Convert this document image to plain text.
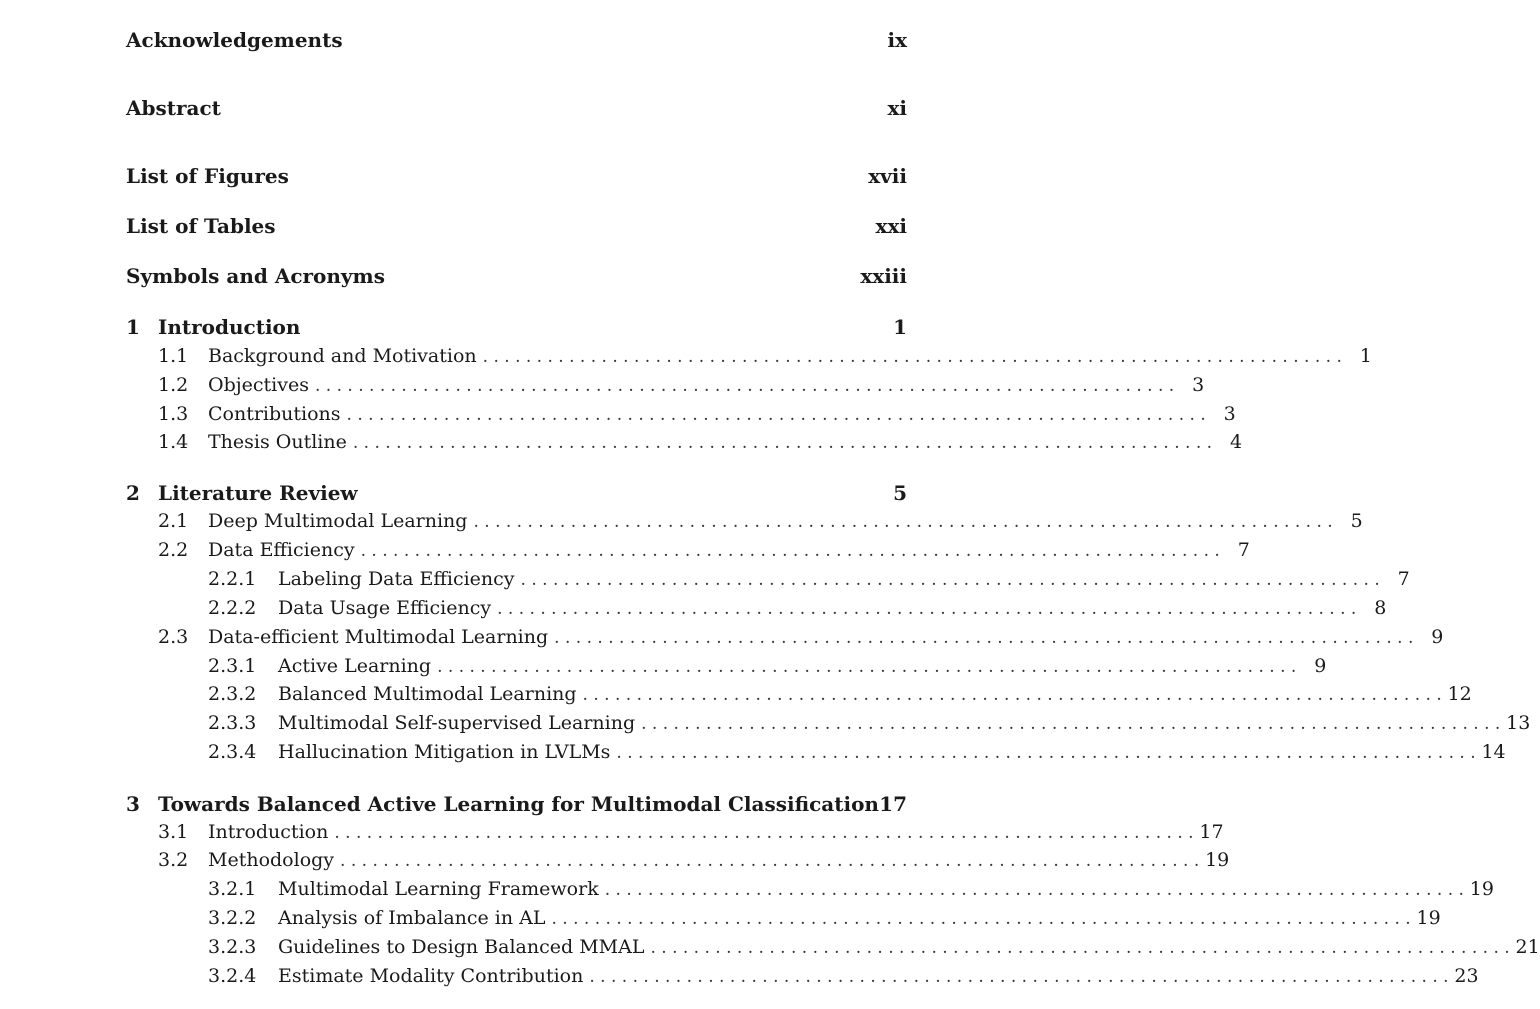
Acknowledgements	ix
Abstract	xi
List of Figures	xvii
List of Tables	xxi
Symbols and Acronyms	xxiii
1 Introduction	1
1.1	Background and Motivation . . . . . . . . . . . . . . . . . . . . . . . . . . . . . . . . . . . . . . . . . . . . . . . . . . . . . . . . . . . . . . . . . . . . . . . . . . . . . . . . 1
1.2	Objectives . . . . . . . . . . . . . . . . . . . . . . . . . . . . . . . . . . . . . . . . . . . . . . . . . . . . . . . . . . . . . . . . . . . . . . . . . . . . . . . . 3
1.3	Contributions . . . . . . . . . . . . . . . . . . . . . . . . . . . . . . . . . . . . . . . . . . . . . . . . . . . . . . . . . . . . . . . . . . . . . . . . . . . . . . . . 3
1.4	Thesis Outline . . . . . . . . . . . . . . . . . . . . . . . . . . . . . . . . . . . . . . . . . . . . . . . . . . . . . . . . . . . . . . . . . . . . . . . . . . . . . . . . 4
2 Literature Review	5
2.1	Deep Multimodal Learning . . . . . . . . . . . . . . . . . . . . . . . . . . . . . . . . . . . . . . . . . . . . . . . . . . . . . . . . . . . . . . . . . . . . . . . . . . . . . . . . 5
2.2	Data Efficiency . . . . . . . . . . . . . . . . . . . . . . . . . . . . . . . . . . . . . . . . . . . . . . . . . . . . . . . . . . . . . . . . . . . . . . . . . . . . . . . . 7
2.2.1	Labeling Data Efficiency . . . . . . . . . . . . . . . . . . . . . . . . . . . . . . . . . . . . . . . . . . . . . . . . . . . . . . . . . . . . . . . . . . . . . . . . . . . . . . . . 7
2.2.2	Data Usage Efficiency . . . . . . . . . . . . . . . . . . . . . . . . . . . . . . . . . . . . . . . . . . . . . . . . . . . . . . . . . . . . . . . . . . . . . . . . . . . . . . . . 8
2.3	Data-efficient Multimodal Learning . . . . . . . . . . . . . . . . . . . . . . . . . . . . . . . . . . . . . . . . . . . . . . . . . . . . . . . . . . . . . . . . . . . . . . . . . . . . . . . . 9
2.3.1	Active Learning . . . . . . . . . . . . . . . . . . . . . . . . . . . . . . . . . . . . . . . . . . . . . . . . . . . . . . . . . . . . . . . . . . . . . . . . . . . . . . . . 9
2.3.2	Balanced Multimodal Learning . . . . . . . . . . . . . . . . . . . . . . . . . . . . . . . . . . . . . . . . . . . . . . . . . . . . . . . . . . . . . . . . . . . . . . . . . . . . . . . . 12
2.3.3	Multimodal Self-supervised Learning . . . . . . . . . . . . . . . . . . . . . . . . . . . . . . . . . . . . . . . . . . . . . . . . . . . . . . . . . . . . . . . . . . . . . . . . . . . . . . . . 13
2.3.4	Hallucination Mitigation in LVLMs . . . . . . . . . . . . . . . . . . . . . . . . . . . . . . . . . . . . . . . . . . . . . . . . . . . . . . . . . . . . . . . . . . . . . . . . . . . . . . . . 14
3 Towards Balanced Active Learning for Multimodal Classification 17
3.1	Introduction . . . . . . . . . . . . . . . . . . . . . . . . . . . . . . . . . . . . . . . . . . . . . . . . . . . . . . . . . . . . . . . . . . . . . . . . . . . . . . . . 17
3.2	Methodology . . . . . . . . . . . . . . . . . . . . . . . . . . . . . . . . . . . . . . . . . . . . . . . . . . . . . . . . . . . . . . . . . . . . . . . . . . . . . . . . 19
3.2.1	Multimodal Learning Framework . . . . . . . . . . . . . . . . . . . . . . . . . . . . . . . . . . . . . . . . . . . . . . . . . . . . . . . . . . . . . . . . . . . . . . . . . . . . . . . . 19
3.2.2	Analysis of Imbalance in AL . . . . . . . . . . . . . . . . . . . . . . . . . . . . . . . . . . . . . . . . . . . . . . . . . . . . . . . . . . . . . . . . . . . . . . . . . . . . . . . . 19
3.2.3	Guidelines to Design Balanced MMAL . . . . . . . . . . . . . . . . . . . . . . . . . . . . . . . . . . . . . . . . . . . . . . . . . . . . . . . . . . . . . . . . . . . . . . . . . . . . . . . . 21
3.2.4	Estimate Modality Contribution . . . . . . . . . . . . . . . . . . . . . . . . . . . . . . . . . . . . . . . . . . . . . . . . . . . . . . . . . . . . . . . . . . . . . . . . . . . . . . . . 23
